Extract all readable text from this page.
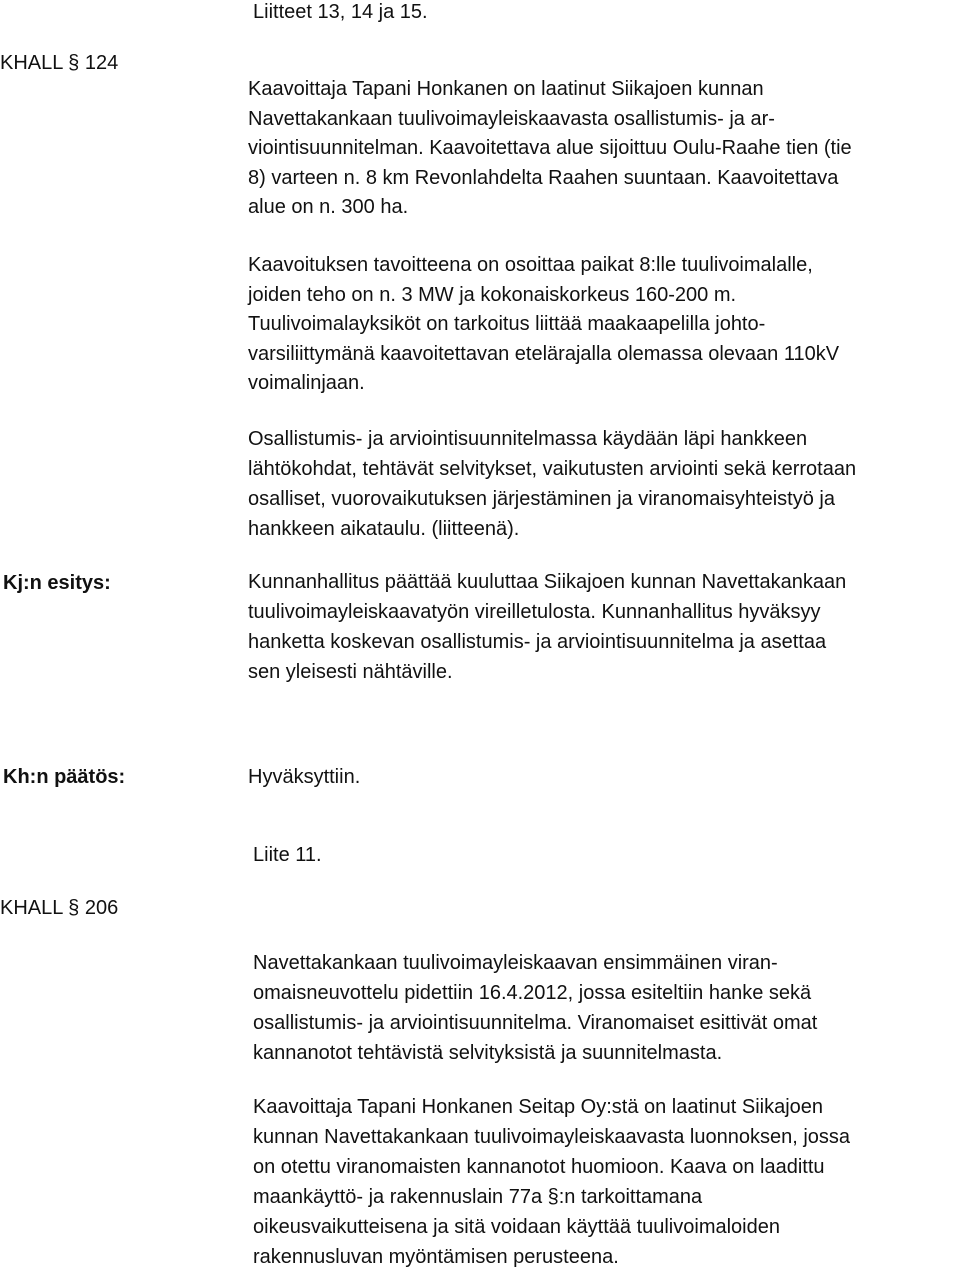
Liitteet 13, 14 ja 15.

KHALL § 124

Kaavoittaja Tapani Honkanen on laatinut Siikajoen kunnan
Navettakankaan tuulivoimayleiskaavasta osallistumis- ja ar-
viointisuunnitelman. Kaavoitettava alue sijoittuu Oulu-Raahe tien (tie
8) varteen n. 8 km Revonlahdelta Raahen suuntaan. Kaavoitettava
alue on n. 300 ha.
Kaavoituksen tavoitteena on osoittaa paikat 8:lle tuulivoimalalle,
joiden teho on n. 3 MW ja kokonaiskorkeus 160-200 m.
Tuulivoimalayksiköt on tarkoitus liittää maakaapelilla johto-
varsiliittymänä kaavoitettavan etelärajalla olemassa olevaan 110kV
voimalinjaan.
Osallistumis- ja arviointisuunnitelmassa käydään läpi hankkeen
lähtökohdat, tehtävät selvitykset, vaikutusten arviointi sekä kerrotaan
osalliset, vuorovaikutuksen järjestäminen ja viranomaisyhteistyö ja
hankkeen aikataulu. (liitteenä).

Kj:n esitys:	Kunnanhallitus päättää kuuluttaa Siikajoen kunnan Navettakankaan
tuulivoimayleiskaavatyön vireilletulosta. Kunnanhallitus hyväksyy
hanketta koskevan osallistumis- ja arviointisuunnitelma ja asettaa
sen yleisesti nähtäville.

Kh:n päätös:	Hyväksyttiin.

Liite 11.

KHALL § 206

Navettakankaan tuulivoimayleiskaavan ensimmäinen viran-
omaisneuvottelu pidettiin 16.4.2012, jossa esiteltiin hanke sekä
osallistumis- ja arviointisuunnitelma. Viranomaiset esittivät omat
kannanotot tehtävistä selvityksistä ja suunnitelmasta.
Kaavoittaja Tapani Honkanen Seitap Oy:stä on laatinut Siikajoen
kunnan Navettakankaan tuulivoimayleiskaavasta luonnoksen, jossa
on otettu viranomaisten kannanotot huomioon. Kaava on laadittu
maankäyttö- ja rakennuslain 77a §:n tarkoittamana
oikeusvaikutteisena ja sitä voidaan käyttää tuulivoimaloiden
rakennusluvan myöntämisen perusteena.
